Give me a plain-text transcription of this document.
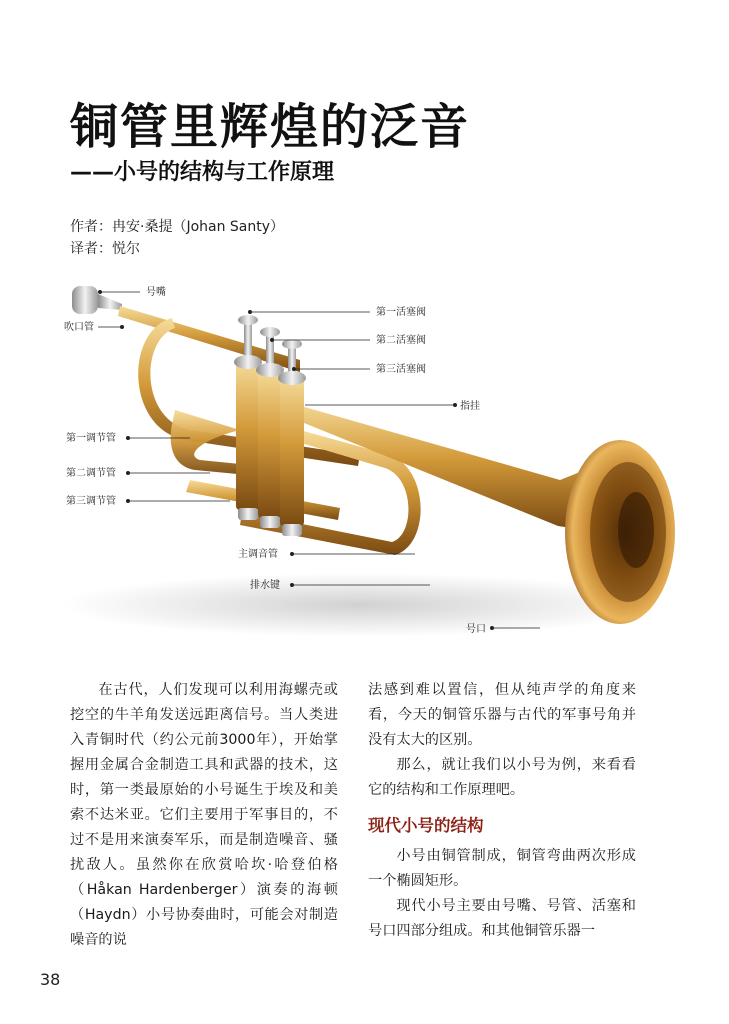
铜管里辉煌的泛音
——小号的结构与工作原理
作者：冉安·桑提（Johan Santy）
译者：悦尔
号嘴
吹口管
第一活塞阀
第二活塞阀
第三活塞阀
指挂
第一调节管
第二调节管
第三调节管
主调音管
排水键
号口

在古代，人们发现可以利用海螺壳或挖空的牛羊角发送远距离信号。当人类进入青铜时代（约公元前3000年），开始掌握用金属合金制造工具和武器的技术，这时，第一类最原始的小号诞生于埃及和美索不达米亚。它们主要用于军事目的，不过不是用来演奏军乐，而是制造噪音、骚扰敌人。虽然你在欣赏哈坎·哈登伯格（Håkan Hardenberger）演奏的海顿（Haydn）小号协奏曲时，可能会对制造噪音的说

法感到难以置信，但从纯声学的角度来看，今天的铜管乐器与古代的军事号角并没有太大的区别。

那么，就让我们以小号为例，来看看它的结构和工作原理吧。

现代小号的结构

小号由铜管制成，铜管弯曲两次形成一个椭圆矩形。

现代小号主要由号嘴、号管、活塞和号口四部分组成。和其他铜管乐器一

38
